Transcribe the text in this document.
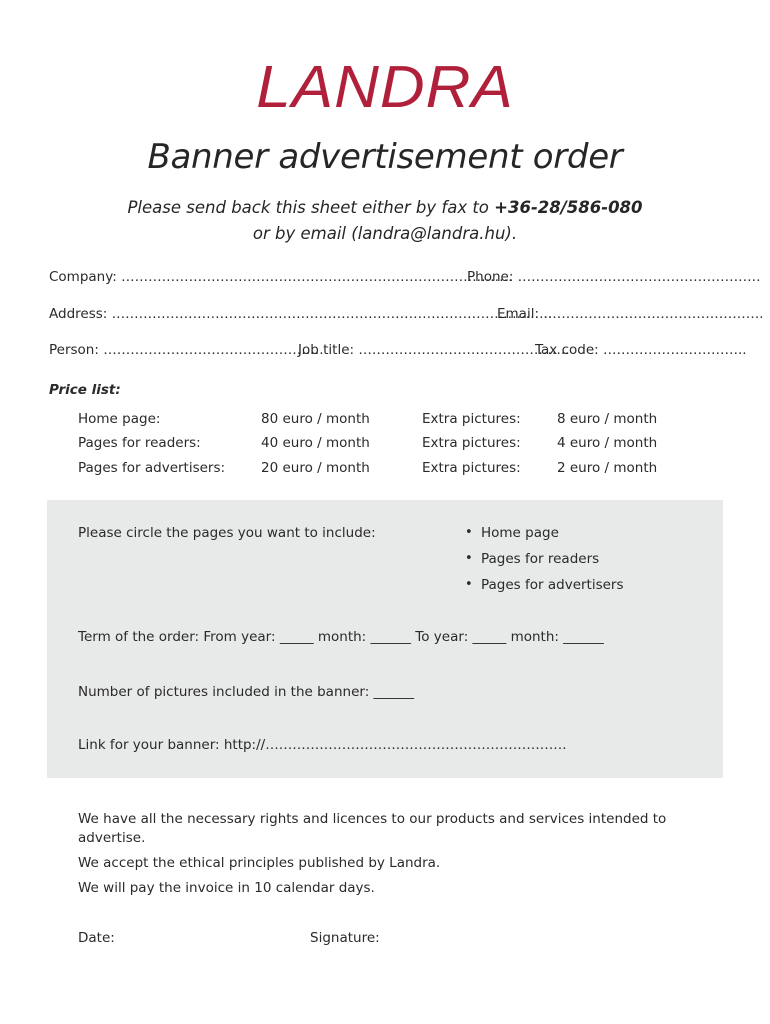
LANDRA
Banner advertisement order
Please send back this sheet either by fax to +36-28/586-080
or by email (landra@landra.hu).
Company: ……………………………………………………………………………
Phone: ………………………………………………
Address: ……………………………………………………………………………………..
Email: ………………………………………….
Person: ………………………………………….
Job title: ………………………………………..
Tax code: …………………………..
Price list:
Home page:	80 euro / month	Extra pictures:	8 euro / month
Pages for readers:	40 euro / month	Extra pictures:	4 euro / month
Pages for advertisers:	20 euro / month	Extra pictures:	2 euro / month
Please circle the pages you want to include:
•	Home page
• Pages for readers
• Pages for advertisers
Term of the order: From year: _____ month: ______ To year: _____ month: ______
Number of pictures included in the banner: ______
Link for your banner: http://………………………………………………………….
We have all the necessary rights and licences to our products and services intended to
advertise.
We accept the ethical principles published by Landra.
We will pay the invoice in 10 calendar days.
Date:	Signature:
